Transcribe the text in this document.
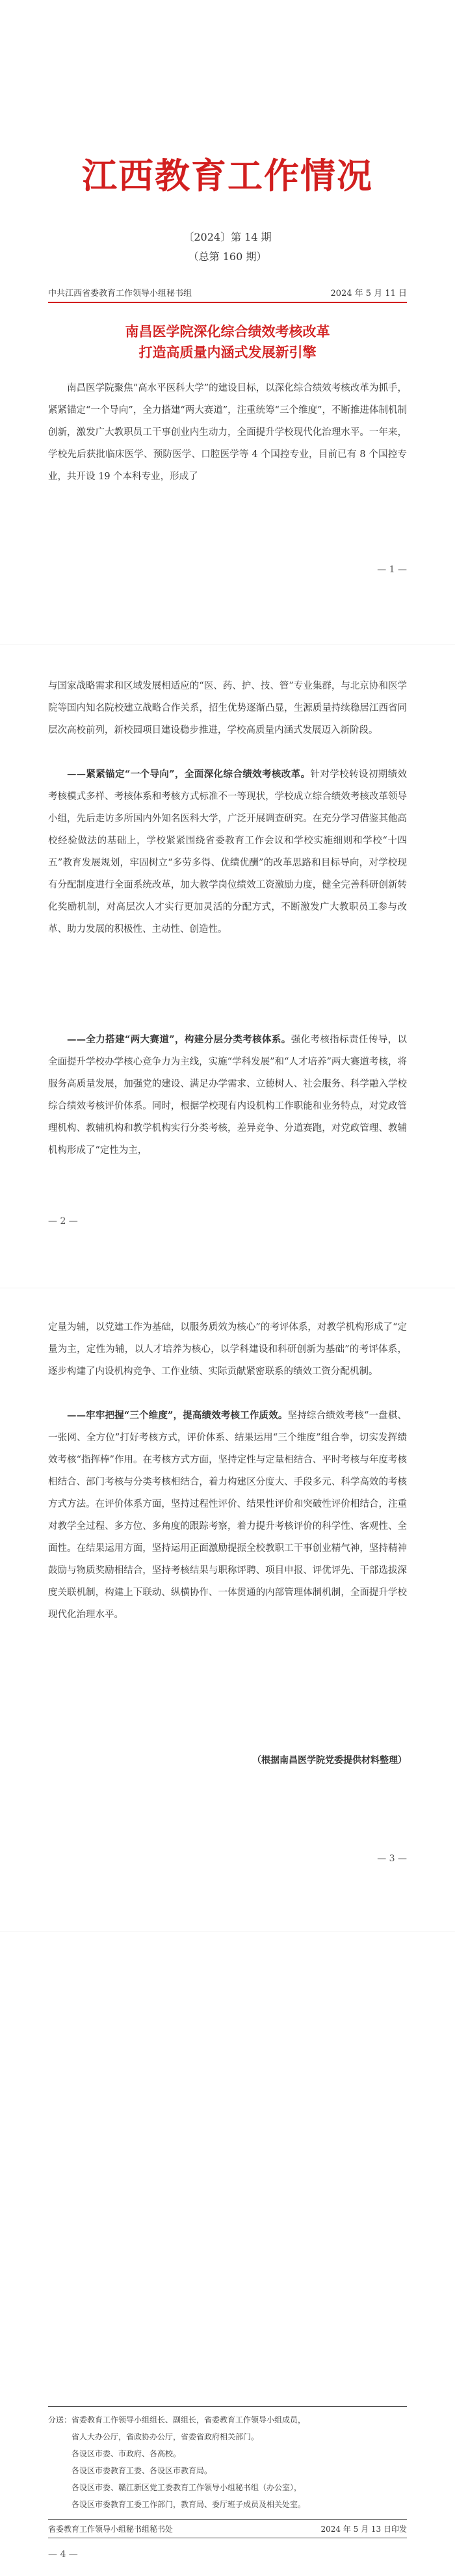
江西教育工作情况
〔2024〕第 14 期
（总第 160 期）
中共江西省委教育工作领导小组秘书组	2024 年 5 月 11 日
南昌医学院深化综合绩效考核改革
打造高质量内涵式发展新引擎
南昌医学院聚焦“高水平医科大学”的建设目标，以深化综合绩效考核改革为抓手，紧紧锚定“一个导向”，全力搭建“两大赛道”，注重统筹“三个维度”，不断推进体制机制创新，激发广大教职员工干事创业内生动力，全面提升学校现代化治理水平。一年来，学校先后获批临床医学、预防医学、口腔医学等 4 个国控专业，目前已有 8 个国控专业，共开设 19 个本科专业，形成了
— 1 —
与国家战略需求和区域发展相适应的“医、药、护、技、管”专业集群，与北京协和医学院等国内知名院校建立战略合作关系，招生优势逐渐凸显，生源质量持续稳居江西省同层次高校前列，新校园项目建设稳步推进，学校高质量内涵式发展迈入新阶段。
——紧紧锚定“一个导向”，全面深化综合绩效考核改革。针对学校转设初期绩效考核模式多样、考核体系和考核方式标准不一等现状，学校成立综合绩效考核改革领导小组，先后走访多所国内外知名医科大学，广泛开展调查研究。在充分学习借鉴其他高校经验做法的基础上，学校紧紧围绕省委教育工作会议和学校实施细则和学校“十四五”教育发展规划，牢固树立“多劳多得、优绩优酬”的改革思路和目标导向，对学校现有分配制度进行全面系统改革，加大教学岗位绩效工资激励力度，健全完善科研创新转化奖励机制，对高层次人才实行更加灵活的分配方式，不断激发广大教职员工参与改革、助力发展的积极性、主动性、创造性。
——全力搭建“两大赛道”，构建分层分类考核体系。强化考核指标责任传导，以全面提升学校办学核心竞争力为主线，实施“学科发展”和“人才培养”两大赛道考核，将服务高质量发展，加强党的建设、满足办学需求、立德树人、社会服务、科学融入学校综合绩效考核评价体系。同时，根据学校现有内设机构工作职能和业务特点，对党政管理机构、教辅机构和教学机构实行分类考核，差异竞争、分道赛跑，对党政管理、教辅机构形成了“定性为主，
— 2 —
定量为辅，以党建工作为基础，以服务质效为核心”的考评体系，对教学机构形成了“定量为主，定性为辅，以人才培养为核心，以学科建设和科研创新为基础”的考评体系，逐步构建了内设机构竞争、工作业绩、实际贡献紧密联系的绩效工资分配机制。
——牢牢把握“三个维度”，提高绩效考核工作质效。坚持综合绩效考核“一盘棋、一张网、全方位”打好考核方式，评价体系、结果运用“三个维度”组合拳，切实发挥绩效考核“指挥棒”作用。在考核方式方面，坚持定性与定量相结合、平时考核与年度考核相结合、部门考核与分类考核相结合，着力构建区分度大、手段多元、科学高效的考核方式方法。在评价体系方面，坚持过程性评价、结果性评价和突破性评价相结合，注重对教学全过程、多方位、多角度的跟踪考察，着力提升考核评价的科学性、客观性、全面性。在结果运用方面，坚持运用正面激励提振全校教职工干事创业精气神，坚持精神鼓励与物质奖励相结合，坚持考核结果与职称评聘、项目申报、评优评先、干部选拔深度关联机制，构建上下联动、纵横协作、一体贯通的内部管理体制机制，全面提升学校现代化治理水平。
（根据南昌医学院党委提供材料整理）
— 3 —
分送：省委教育工作领导小组组长、副组长，省委教育工作领导小组成员，
省人大办公厅，省政协办公厅，省委省政府相关部门。
各设区市委、市政府、各高校。
各设区市委教育工委、各设区市教育局。
各设区市委、赣江新区党工委教育工作领导小组秘书组（办公室），
各设区市委教育工委工作部门，教育局、委厅班子成员及相关处室。
省委教育工作领导小组秘书组秘书处	2024 年 5 月 13 日印发
— 4 —
